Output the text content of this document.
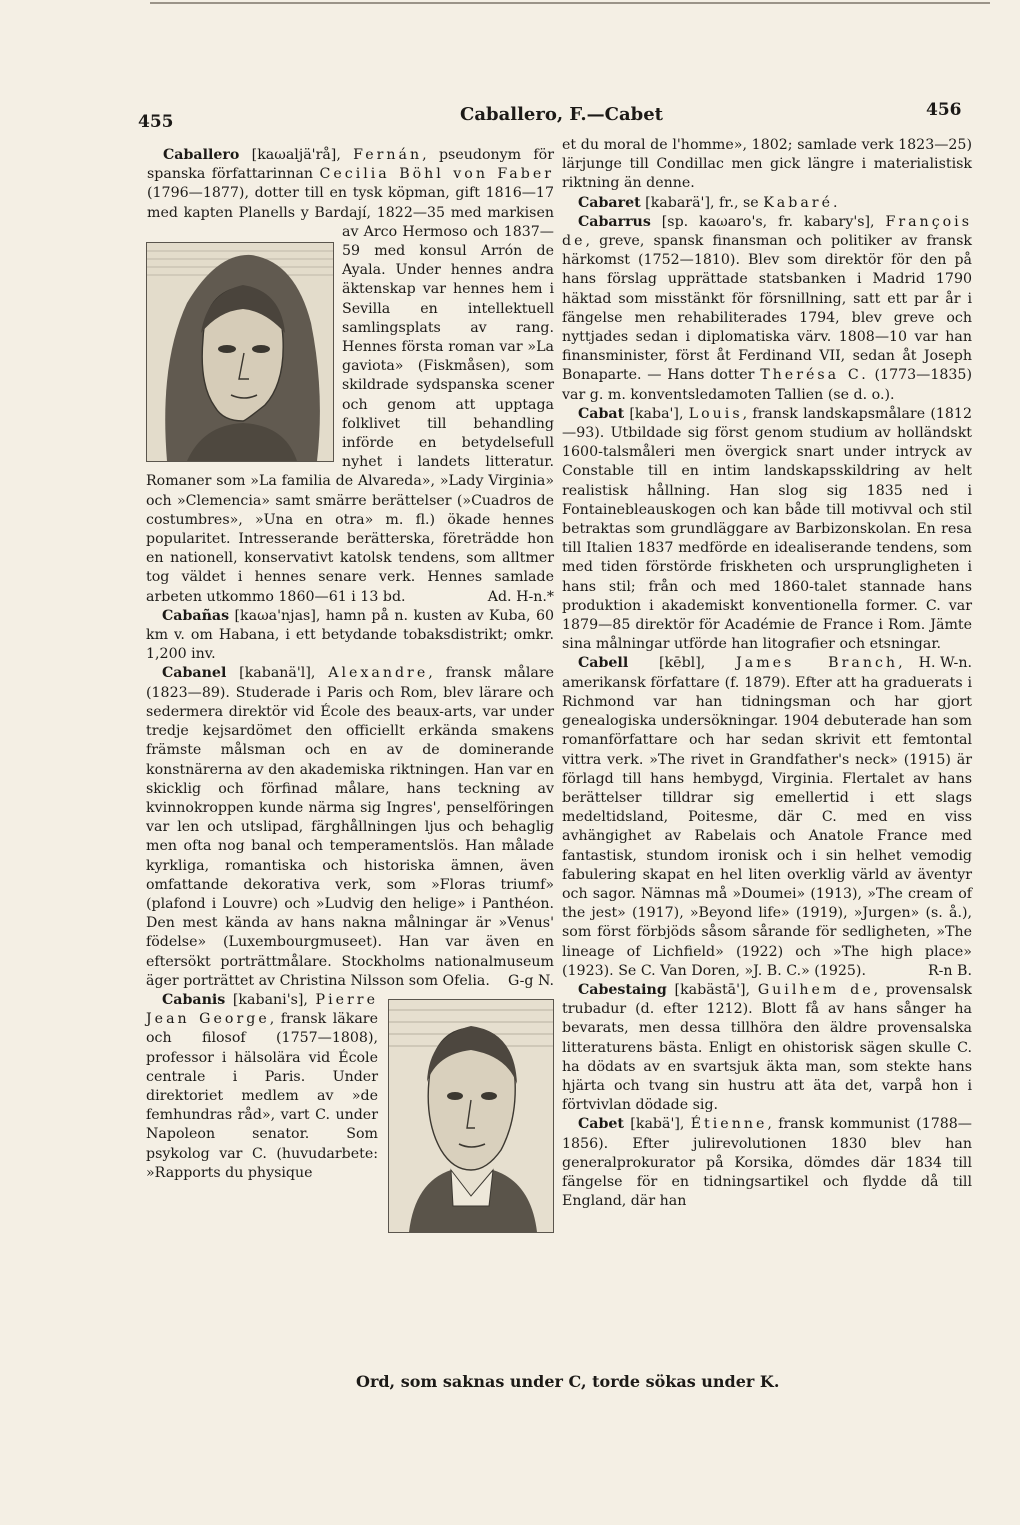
455	Caballero, F.—Cabet	456

Caballero [kaωaljä'rå], Fernán, pseudonym för spanska författarinnan Cecilia Böhl von Faber (1796—1877), dotter till en tysk köpman, gift 1816—17 med kapten Planells y Bardají, 1822—35 med markisen av Arco Hermoso och 1837—59 med konsul Arrón de Ayala. Under hennes andra äktenskap var hennes hem i Sevilla en intellektuell samlingsplats av rang. Hennes första roman var »La gaviota» (Fiskmåsen), som skildrade sydspanska scener och genom att upptaga folklivet till behandling införde en betydelsefull nyhet i landets litteratur. Romaner som »La familia de Alvareda», »Lady Virginia» och »Clemencia» samt smärre berättelser (»Cuadros de costumbres», »Una en otra» m. fl.) ökade hennes popularitet. Intresserande berätterska, företrädde hon en nationell, konservativt katolsk tendens, som alltmer tog väldet i hennes senare verk. Hennes samlade arbeten utkommo 1860—61 i 13 bd.	Ad. H-n.*

Cabañas [kaωa'njas], hamn på n. kusten av Kuba, 60 km v. om Habana, i ett betydande tobaksdistrikt; omkr. 1,200 inv.

Cabanel [kabanä'l], Alexandre, fransk målare (1823—89). Studerade i Paris och Rom, blev lärare och sedermera direktör vid École des beaux-arts, var under tredje kejsardömet den officiellt erkända smakens främste målsman och en av de dominerande konstnärerna av den akademiska riktningen. Han var en skicklig och förfinad målare, hans teckning av kvinnokroppen kunde närma sig Ingres', penselföringen var len och utslipad, färghållningen ljus och behaglig men ofta nog banal och temperamentslös. Han målade kyrkliga, romantiska och historiska ämnen, även omfattande dekorativa verk, som »Floras triumf» (plafond i Louvre) och »Ludvig den helige» i Panthéon. Den mest kända av hans nakna målningar är »Venus' födelse» (Luxembourgmuseet). Han var även en eftersökt porträttmålare. Stockholms nationalmuseum äger porträttet av Christina Nilsson som Ofelia.	G-g N.

Cabanis [kabani's], Pierre Jean George, fransk läkare och filosof (1757—1808), professor i hälsolära vid École centrale i Paris. Under direktoriet medlem av »de femhundras råd», vart C. under Napoleon senator. Som psykolog var C. (huvudarbete: »Rapports du physique

et du moral de l'homme», 1802; samlade verk 1823—25) lärjunge till Condillac men gick längre i materialistisk riktning än denne.

Cabaret [kabarä'], fr., se Kabaré.

Cabarrus [sp. kaωaro's, fr. kabary's], François de, greve, spansk finansman och politiker av fransk härkomst (1752—1810). Blev som direktör för den på hans förslag upprättade statsbanken i Madrid 1790 häktad som misstänkt för försnillning, satt ett par år i fängelse men rehabiliterades 1794, blev greve och nyttjades sedan i diplomatiska värv. 1808—10 var han finansminister, först åt Ferdinand VII, sedan åt Joseph Bonaparte. — Hans dotter Therésa C. (1773—1835) var g. m. konventsledamoten Tallien (se d. o.).

Cabat [kaba'], Louis, fransk landskapsmålare (1812—93). Utbildade sig först genom studium av holländskt 1600-talsmåleri men övergick snart under intryck av Constable till en intim landskapsskildring av helt realistisk hållning. Han slog sig 1835 ned i Fontainebleauskogen och kan både till motivval och stil betraktas som grundläggare av Barbizonskolan. En resa till Italien 1837 medförde en idealiserande tendens, som med tiden förstörde friskheten och ursprungligheten i hans stil; från och med 1860-talet stannade hans produktion i akademiskt konventionella former. C. var 1879—85 direktör för Académie de France i Rom. Jämte sina målningar utförde han litografier och etsningar.
H. W-n.

Cabell [kēbl], James Branch, amerikansk författare (f. 1879). Efter att ha graduerats i Richmond var han tidningsman och har gjort genealogiska undersökningar. 1904 debuterade han som romanförfattare och har sedan skrivit ett femtontal vittra verk. »The rivet in Grandfather's neck» (1915) är förlagd till hans hembygd, Virginia. Flertalet av hans berättelser tilldrar sig emellertid i ett slags medeltidsland, Poitesme, där C. med en viss avhängighet av Rabelais och Anatole France med fantastisk, stundom ironisk och i sin helhet vemodig fabulering skapat en hel liten overklig värld av äventyr och sagor. Nämnas må »Doumei» (1913), »The cream of the jest» (1917), »Beyond life» (1919), »Jurgen» (s. å.), som först förbjöds såsom sårande för sedligheten, »The lineage of Lichfield» (1922) och »The high place» (1923). Se C. Van Doren, »J. B. C.» (1925).	R-n B.

Cabestaing [kabästā'], Guilhem de, provensalsk trubadur (d. efter 1212). Blott få av hans sånger ha bevarats, men dessa tillhöra den äldre provensalska litteraturens bästa. Enligt en ohistorisk sägen skulle C. ha dödats av en svartsjuk äkta man, som stekte hans hjärta och tvang sin hustru att äta det, varpå hon i förtvivlan dödade sig.

Cabet [kabä'], Étienne, fransk kommunist (1788—1856). Efter julirevolutionen 1830 blev han generalprokurator på Korsika, dömdes där 1834 till fängelse för en tidningsartikel och flydde då till England, där han

Ord, som saknas under C, torde sökas under K.
